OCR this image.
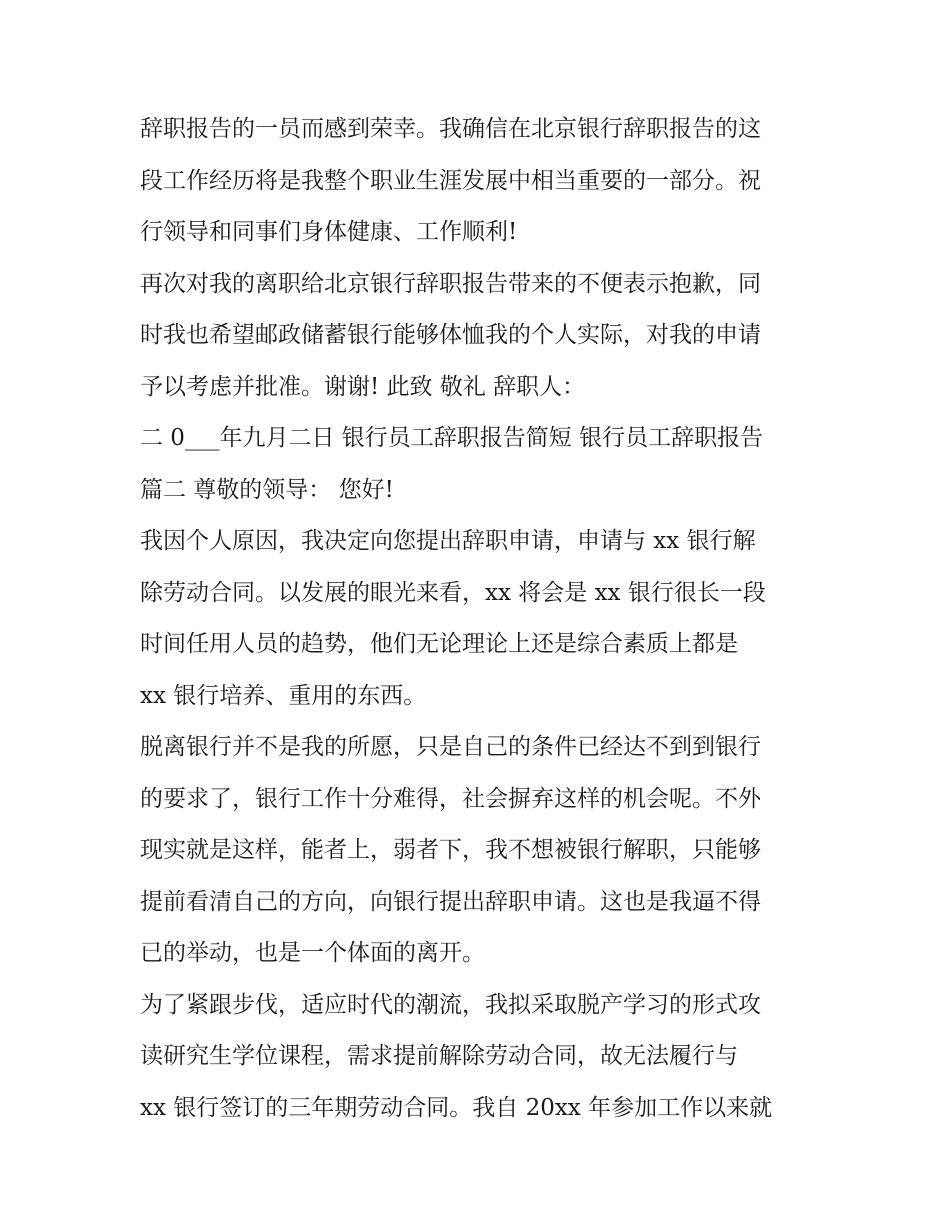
辞职报告的一员而感到荣幸。我确信在北京银行辞职报告的这
段工作经历将是我整个职业生涯发展中相当重要的一部分。祝
行领导和同事们身体健康、工作顺利!
再次对我的离职给北京银行辞职报告带来的不便表示抱歉，同
时我也希望邮政储蓄银行能够体恤我的个人实际，对我的申请
予以考虑并批准。谢谢! 此致 敬礼 辞职人：
二 0___年九月二日 银行员工辞职报告简短 银行员工辞职报告
篇二 尊敬的领导： 您好!
我因个人原因，我决定向您提出辞职申请，申请与 xx 银行解
除劳动合同。以发展的眼光来看，xx 将会是 xx 银行很长一段
时间任用人员的趋势，他们无论理论上还是综合素质上都是
xx 银行培养、重用的东西。
脱离银行并不是我的所愿，只是自己的条件已经达不到到银行
的要求了，银行工作十分难得，社会摒弃这样的机会呢。不外
现实就是这样，能者上，弱者下，我不想被银行解职，只能够
提前看清自己的方向，向银行提出辞职申请。这也是我逼不得
已的举动，也是一个体面的离开。
为了紧跟步伐，适应时代的潮流，我拟采取脱产学习的形式攻
读研究生学位课程，需求提前解除劳动合同，故无法履行与
xx 银行签订的三年期劳动合同。我自 20xx 年参加工作以来就
